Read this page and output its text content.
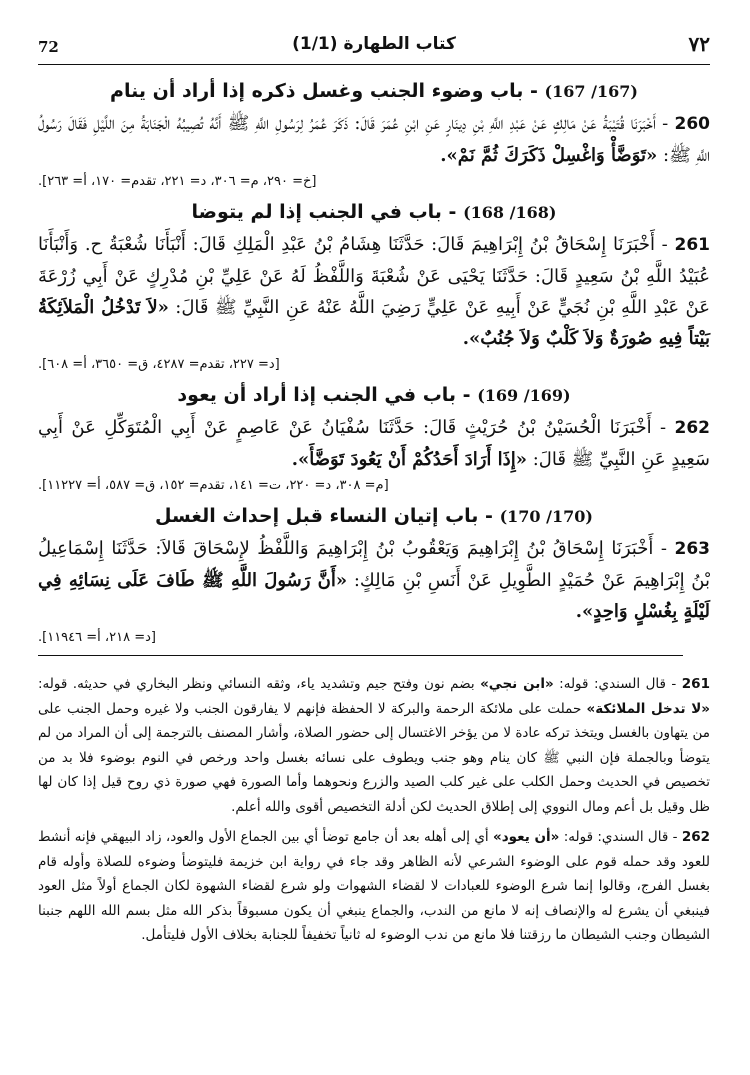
72	(1/1) كتاب الطهارة	٧٢
(167/ 167) - باب وضوء الجنب وغسل ذكره إذا أراد أن ينام
260 - أَخْبَرَنَا قُتَيْبَةُ عَنْ مَالِكٍ عَنْ عَبْدِ اللَّهِ بْنِ دِينَارٍ عَنِ ابْنِ عُمَرَ قَالَ: ذَكَرَ عُمَرُ لِرَسُولِ اللَّهِ ﷺ أَنَّهُ تُصِيبُهُ الْجَنَابَةُ مِنَ اللَّيْلِ فَقَالَ رَسُولُ اللَّهِ ﷺ: «تَوَضَّأْ وَاغْسِلْ ذَكَرَكَ ثُمَّ نَمْ».
[خ= ٢٩٠، م= ٣٠٦، د= ٢٢١، تقدم= ١٧٠، أ= ٢٦٣].
(168/ 168) - باب في الجنب إذا لم يتوضا
261 - أَخْبَرَنَا إِسْحَاقُ بْنُ إِبْرَاهِيمَ قَالَ: حَدَّثَنَا هِشَامُ بْنُ عَبْدِ الْمَلِكِ قَالَ: أَنْبَأَنَا شُعْبَةُ ح. وَأَنْبَأَنَا عُبَيْدُ اللَّهِ بْنُ سَعِيدٍ قَالَ: حَدَّثَنَا يَحْيَى عَنْ شُعْبَةَ وَاللَّفْظُ لَهُ عَنْ عَلِيِّ بْنِ مُدْرِكٍ عَنْ أَبِي زُرْعَةَ عَنْ عَبْدِ اللَّهِ بْنِ نُجَيٍّ عَنْ أَبِيهِ عَنْ عَلِيٍّ رَضِيَ اللَّهُ عَنْهُ عَنِ النَّبِيِّ ﷺ قَالَ: «لاَ تَدْخُلُ الْمَلاَئِكَةُ بَيْتاً فِيهِ صُورَةٌ وَلاَ كَلْبٌ وَلاَ جُنُبٌ».
[د= ٢٢٧، تقدم= ٤٢٨٧، ق= ٣٦٥٠، أ= ٦٠٨].
(169/ 169) - باب في الجنب إذا أراد أن يعود
262 - أَخْبَرَنَا الْحُسَيْنُ بْنُ حُرَيْثٍ قَالَ: حَدَّثَنَا سُفْيَانُ عَنْ عَاصِمٍ عَنْ أَبِي الْمُتَوَكِّلِ عَنْ أَبِي سَعِيدٍ عَنِ النَّبِيِّ ﷺ قَالَ: «إِذَا أَرَادَ أَحَدُكُمْ أَنْ يَعُودَ تَوَضَّأَ».
[م= ٣٠٨، د= ٢٢٠، ت= ١٤١، تقدم= ١٥٢، ق= ٥٨٧، أ= ١١٢٢٧].
(170/ 170) - باب إتيان النساء قبل إحداث الغسل
263 - أَخْبَرَنَا إِسْحَاقُ بْنُ إِبْرَاهِيمَ وَيَعْقُوبُ بْنُ إِبْرَاهِيمَ وَاللَّفْظُ لإِسْحَاقَ قَالاَ: حَدَّثَنَا إِسْمَاعِيلُ بْنُ إِبْرَاهِيمَ عَنْ حُمَيْدٍ الطَّوِيلِ عَنْ أَنَسِ بْنِ مَالِكٍ: «أَنَّ رَسُولَ اللَّهِ ﷺ طَافَ عَلَى نِسَائِهِ فِي لَيْلَةٍ بِغُسْلٍ وَاحِدٍ».
[د= ٢١٨، أ= ١١٩٤٦].
261 - قال السندي: قوله: «ابن نجي» بضم نون وفتح جيم وتشديد ياء، وثقه النسائي ونظر البخاري في حديثه. قوله: «لا تدخل الملائكة» حملت على ملائكة الرحمة والبركة لا الحفظة فإنهم لا يفارقون الجنب ولا غيره وحمل الجنب على من يتهاون بالغسل ويتخذ تركه عادة لا من يؤخر الاغتسال إلى حضور الصلاة، وأشار المصنف بالترجمة إلى أن المراد من لم يتوضأ وبالجملة فإن النبي ﷺ كان ينام وهو جنب ويطوف على نسائه بغسل واحد ورخص في النوم بوضوء فلا بد من تخصيص في الحديث وحمل الكلب على غير كلب الصيد والزرع ونحوهما وأما الصورة فهي صورة ذي روح قيل إذا كان لها ظل وقيل بل أعم ومال النووي إلى إطلاق الحديث لكن أدلة التخصيص أقوى والله أعلم.
262 - قال السندي: قوله: «أن يعود» أي إلى أهله بعد أن جامع توضأ أي بين الجماع الأول والعود، زاد البيهقي فإنه أنشط للعود وقد حمله قوم على الوضوء الشرعي لأنه الظاهر وقد جاء في رواية ابن خزيمة فليتوضأ وضوءه للصلاة وأوله قام بغسل الفرج، وقالوا إنما شرع الوضوء للعبادات لا لقضاء الشهوات ولو شرع لقضاء الشهوة لكان الجماع أولاً مثل العود فينبغي أن يشرع له والإنصاف إنه لا مانع من الندب، والجماع ينبغي أن يكون مسبوقاً بذكر الله مثل بسم الله اللهم جنبنا الشيطان وجنب الشيطان ما رزقتنا فلا مانع من ندب الوضوء له ثانياً تخفيفاً للجنابة بخلاف الأول فليتأمل.
